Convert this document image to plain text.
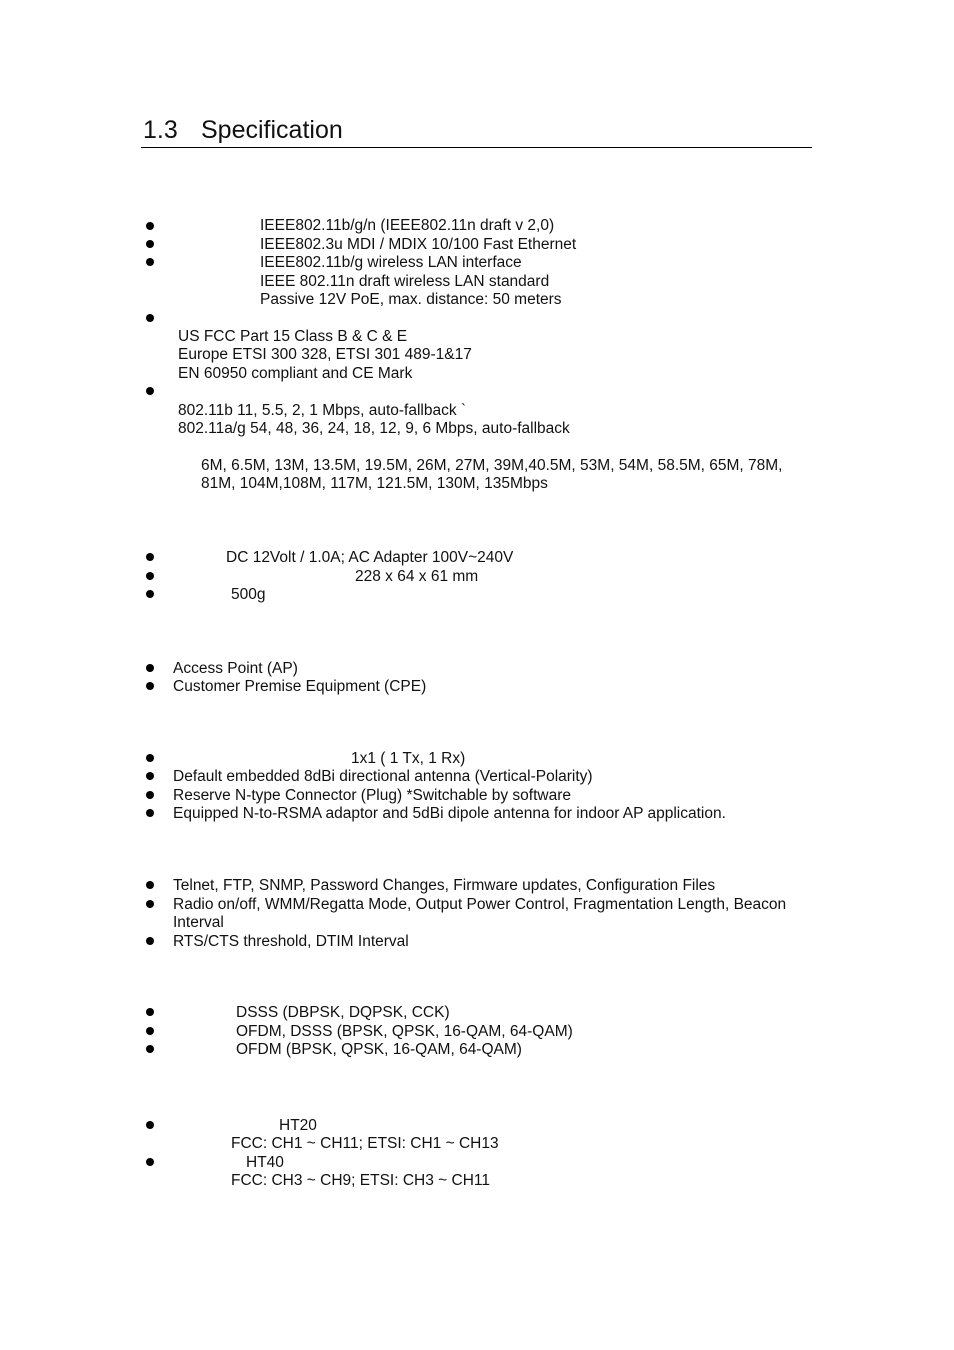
1.3 Specification
IEEE802.11b/g/n (IEEE802.11n draft v 2,0)
IEEE802.3u MDI / MDIX 10/100 Fast Ethernet
IEEE802.11b/g wireless LAN interface
IEEE 802.11n draft wireless LAN standard
Passive 12V PoE, max. distance: 50 meters
US FCC Part 15 Class B & C & E
Europe ETSI 300 328, ETSI 301 489-1&17
EN 60950 compliant and CE Mark
802.11b 11, 5.5, 2, 1 Mbps, auto-fallback `
802.11a/g 54, 48, 36, 24, 18, 12, 9, 6 Mbps, auto-fallback
6M, 6.5M, 13M, 13.5M, 19.5M, 26M, 27M, 39M,40.5M, 53M, 54M, 58.5M, 65M, 78M,
81M, 104M,108M, 117M, 121.5M, 130M, 135Mbps
DC 12Volt / 1.0A; AC Adapter 100V~240V
228 x 64 x 61 mm
500g
Access Point (AP)
Customer Premise Equipment (CPE)
1x1 ( 1 Tx, 1 Rx)
Default embedded 8dBi directional antenna (Vertical-Polarity)
Reserve N-type Connector (Plug) *Switchable by software
Equipped N-to-RSMA adaptor and 5dBi dipole antenna for indoor AP application.
Telnet, FTP, SNMP, Password Changes, Firmware updates, Configuration Files
Radio on/off, WMM/Regatta Mode, Output Power Control, Fragmentation Length, Beacon
Interval
RTS/CTS threshold, DTIM Interval
DSSS (DBPSK, DQPSK, CCK)
OFDM, DSSS (BPSK, QPSK, 16-QAM, 64-QAM)
OFDM (BPSK, QPSK, 16-QAM, 64-QAM)
HT20
FCC: CH1 ~ CH11; ETSI: CH1 ~ CH13
HT40
FCC: CH3 ~ CH9; ETSI: CH3 ~ CH11
